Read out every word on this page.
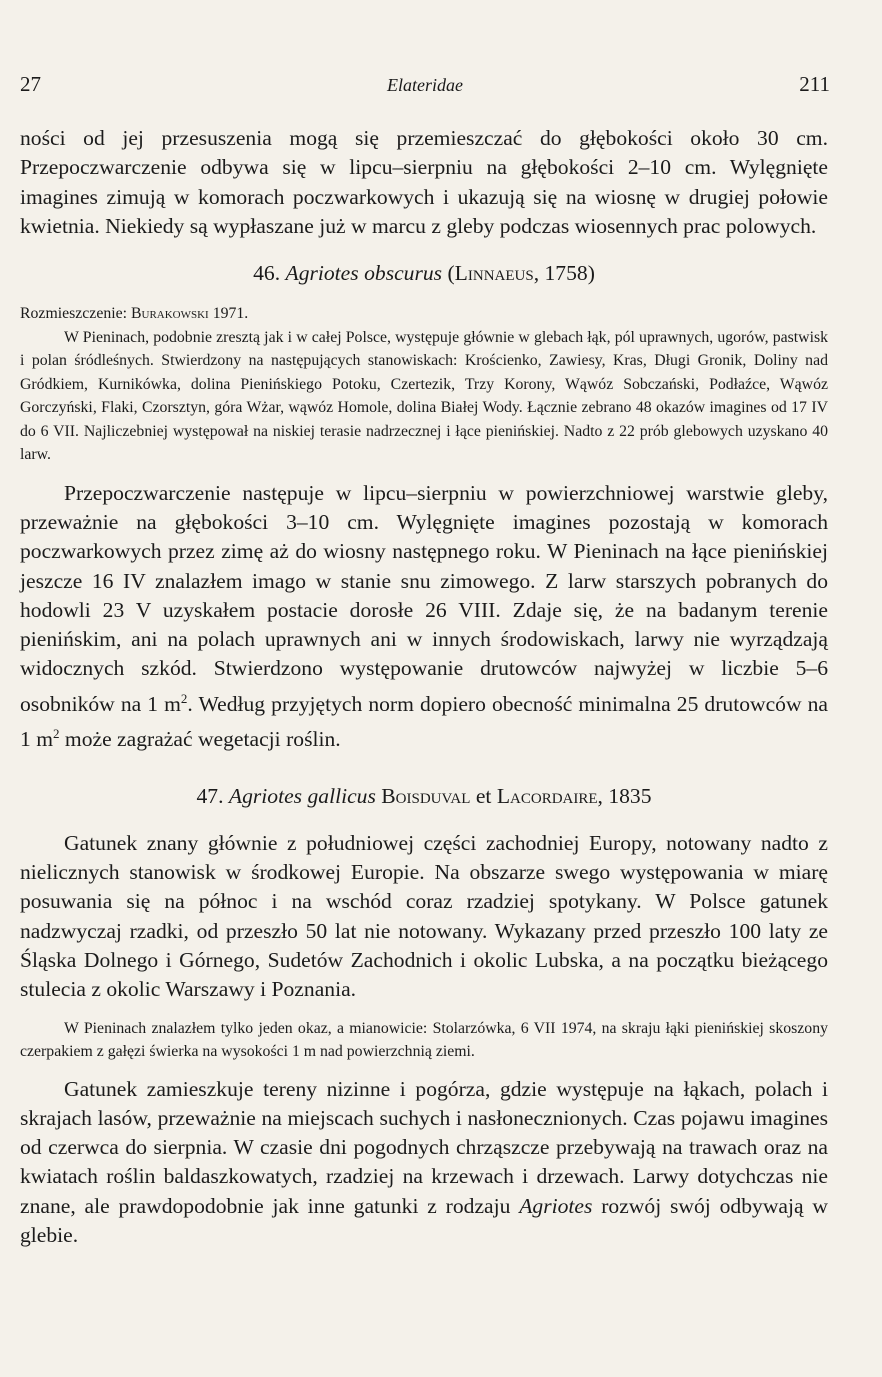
27	Elateridae	211

ności od jej przesuszenia mogą się przemieszczać do głębokości około 30 cm. Przepoczwarczenie odbywa się w lipcu–sierpniu na głębokości 2–10 cm. Wylęgnięte imagines zimują w komorach poczwarkowych i ukazują się na wiosnę w drugiej połowie kwietnia. Niekiedy są wypłaszane już w marcu z gleby podczas wiosennych prac polowych.

46. Agriotes obscurus (Linnaeus, 1758)

Rozmieszczenie: Burakowski 1971.

W Pieninach, podobnie zresztą jak i w całej Polsce, występuje głównie w glebach łąk, pól uprawnych, ugorów, pastwisk i polan śródleśnych. Stwierdzony na następujących stanowiskach: Krościenko, Zawiesy, Kras, Długi Gronik, Doliny nad Gródkiem, Kurnikówka, dolina Pienińskiego Potoku, Czertezik, Trzy Korony, Wąwóz Sobczański, Podłaźce, Wąwóz Gorczyński, Flaki, Czorsztyn, góra Wżar, wąwóz Homole, dolina Białej Wody. Łącznie zebrano 48 okazów imagines od 17 IV do 6 VII. Najliczebniej występował na niskiej terasie nadrzecznej i łące pienińskiej. Nadto z 22 prób glebowych uzyskano 40 larw.

Przepoczwarczenie następuje w lipcu–sierpniu w powierzchniowej warstwie gleby, przeważnie na głębokości 3–10 cm. Wylęgnięte imagines pozostają w komorach poczwarkowych przez zimę aż do wiosny następnego roku. W Pieninach na łące pienińskiej jeszcze 16 IV znalazłem imago w stanie snu zimowego. Z larw starszych pobranych do hodowli 23 V uzyskałem postacie dorosłe 26 VIII. Zdaje się, że na badanym terenie pienińskim, ani na polach uprawnych ani w innych środowiskach, larwy nie wyrządzają widocznych szkód. Stwierdzono występowanie drutowców najwyżej w liczbie 5–6 osobników na 1 $m^2$. Według przyjętych norm dopiero obecność minimalna 25 drutowców na 1 $m^2$ może zagrażać wegetacji roślin.

47. Agriotes gallicus Boisduval et Lacordaire, 1835

Gatunek znany głównie z południowej części zachodniej Europy, notowany nadto z nielicznych stanowisk w środkowej Europie. Na obszarze swego występowania w miarę posuwania się na północ i na wschód coraz rzadziej spotykany. W Polsce gatunek nadzwyczaj rzadki, od przeszło 50 lat nie notowany. Wykazany przed przeszło 100 laty ze Śląska Dolnego i Górnego, Sudetów Zachodnich i okolic Lubska, a na początku bieżącego stulecia z okolic Warszawy i Poznania.

W Pieninach znalazłem tylko jeden okaz, a mianowicie: Stolarzówka, 6 VII 1974, na skraju łąki pienińskiej skoszony czerpakiem z gałęzi świerka na wysokości 1 m nad powierzchnią ziemi.

Gatunek zamieszkuje tereny nizinne i pogórza, gdzie występuje na łąkach, polach i skrajach lasów, przeważnie na miejscach suchych i nasłonecznionych. Czas pojawu imagines od czerwca do sierpnia. W czasie dni pogodnych chrząszcze przebywają na trawach oraz na kwiatach roślin baldaszkowatych, rzadziej na krzewach i drzewach. Larwy dotychczas nie znane, ale prawdopodobnie jak inne gatunki z rodzaju Agriotes rozwój swój odbywają w glebie.
